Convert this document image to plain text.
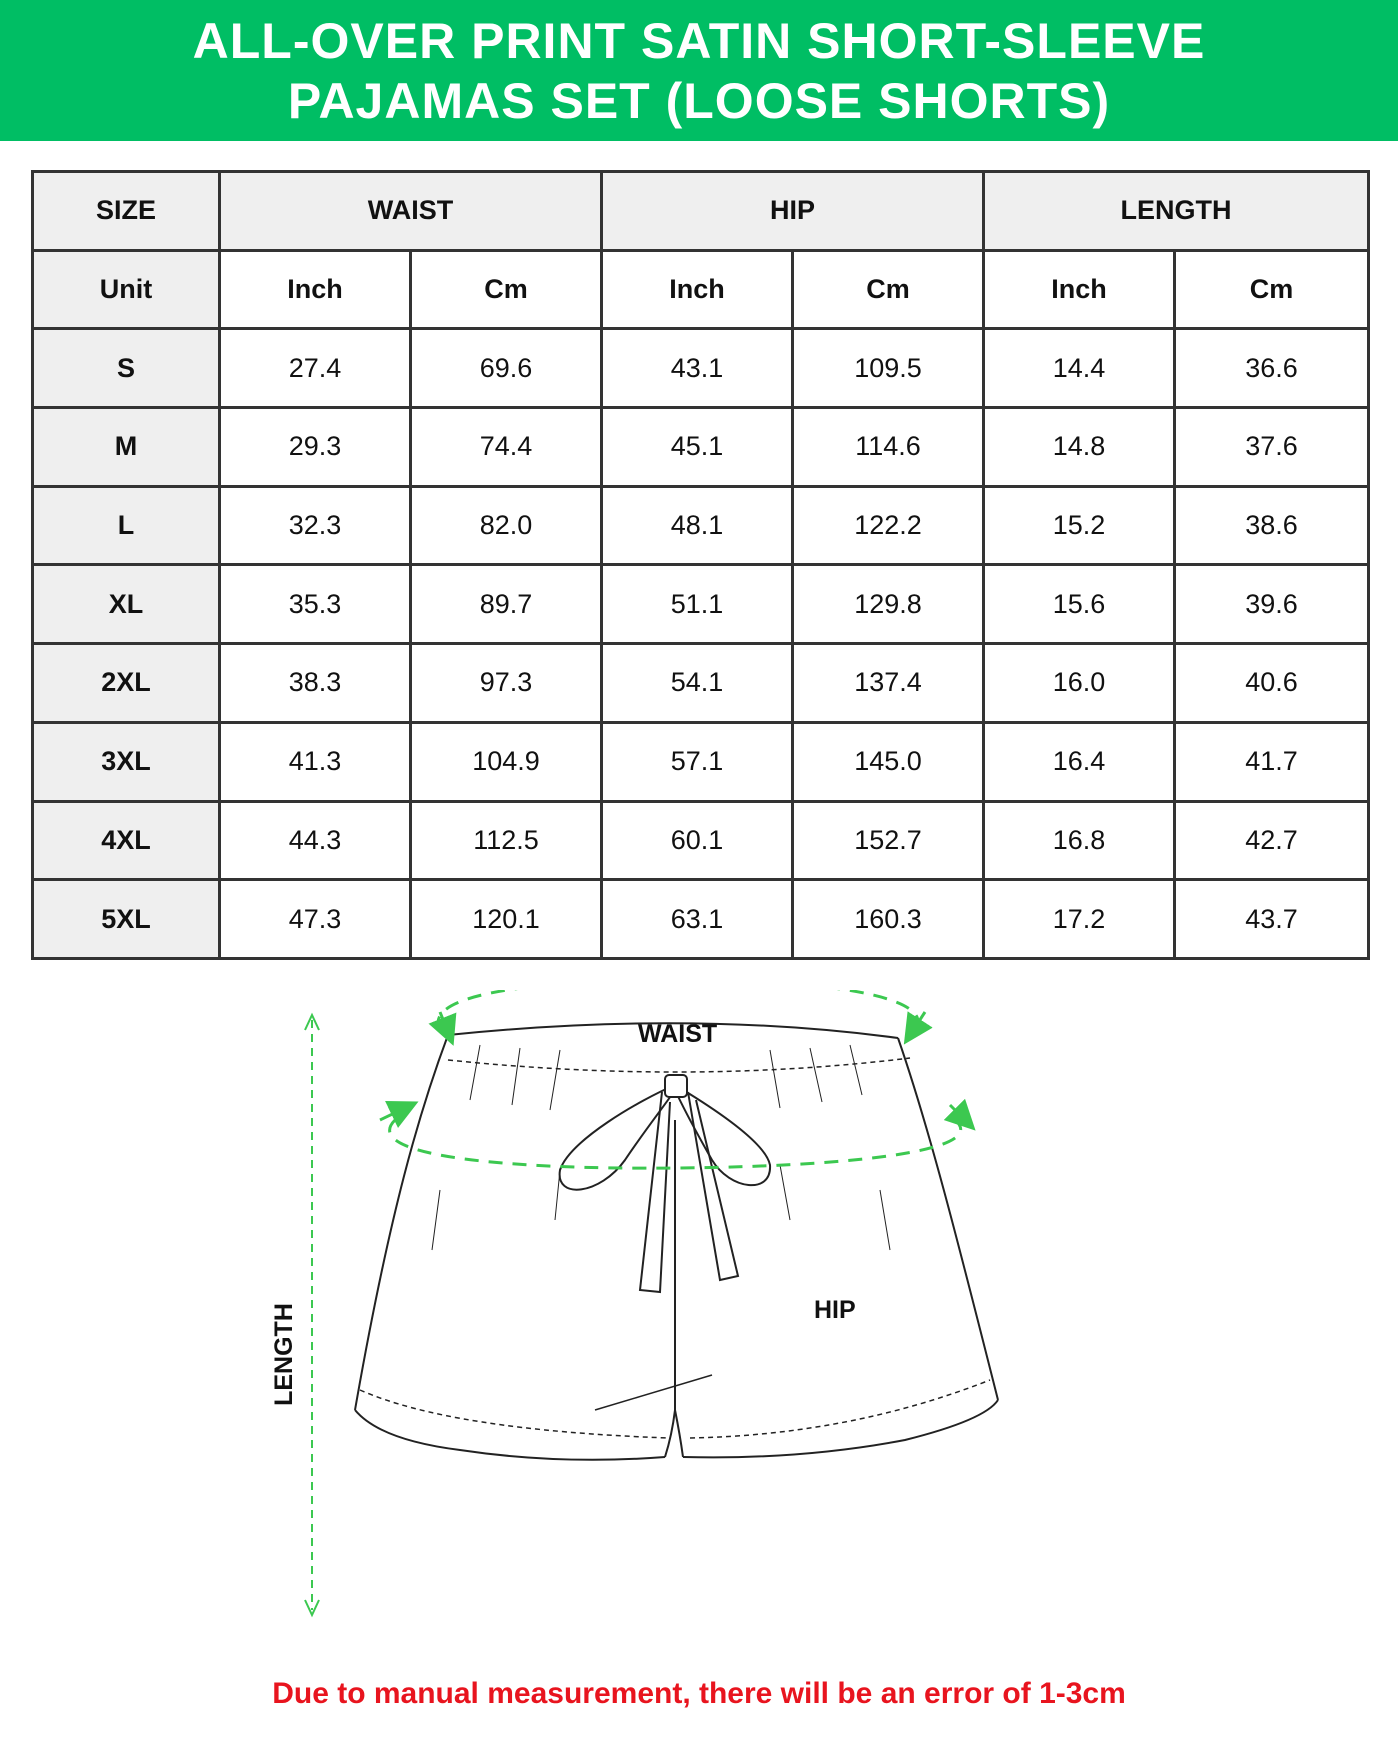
ALL-OVER PRINT SATIN SHORT-SLEEVE
PAJAMAS SET (LOOSE SHORTS)
SIZE	WAIST		HIP		LENGTH	
Unit	Inch	Cm	Inch	Cm	Inch	Cm
S	27.4	69.6	43.1	109.5	14.4	36.6
M	29.3	74.4	45.1	114.6	14.8	37.6
L	32.3	82.0	48.1	122.2	15.2	38.6
XL	35.3	89.7	51.1	129.8	15.6	39.6
2XL	38.3	97.3	54.1	137.4	16.0	40.6
3XL	41.3	104.9	57.1	145.0	16.4	41.7
4XL	44.3	112.5	60.1	152.7	16.8	42.7
5XL	47.3	120.1	63.1	160.3	17.2	43.7
WAIST
HIP
LENGTH
Due to manual measurement, there will be an error of 1-3cm
